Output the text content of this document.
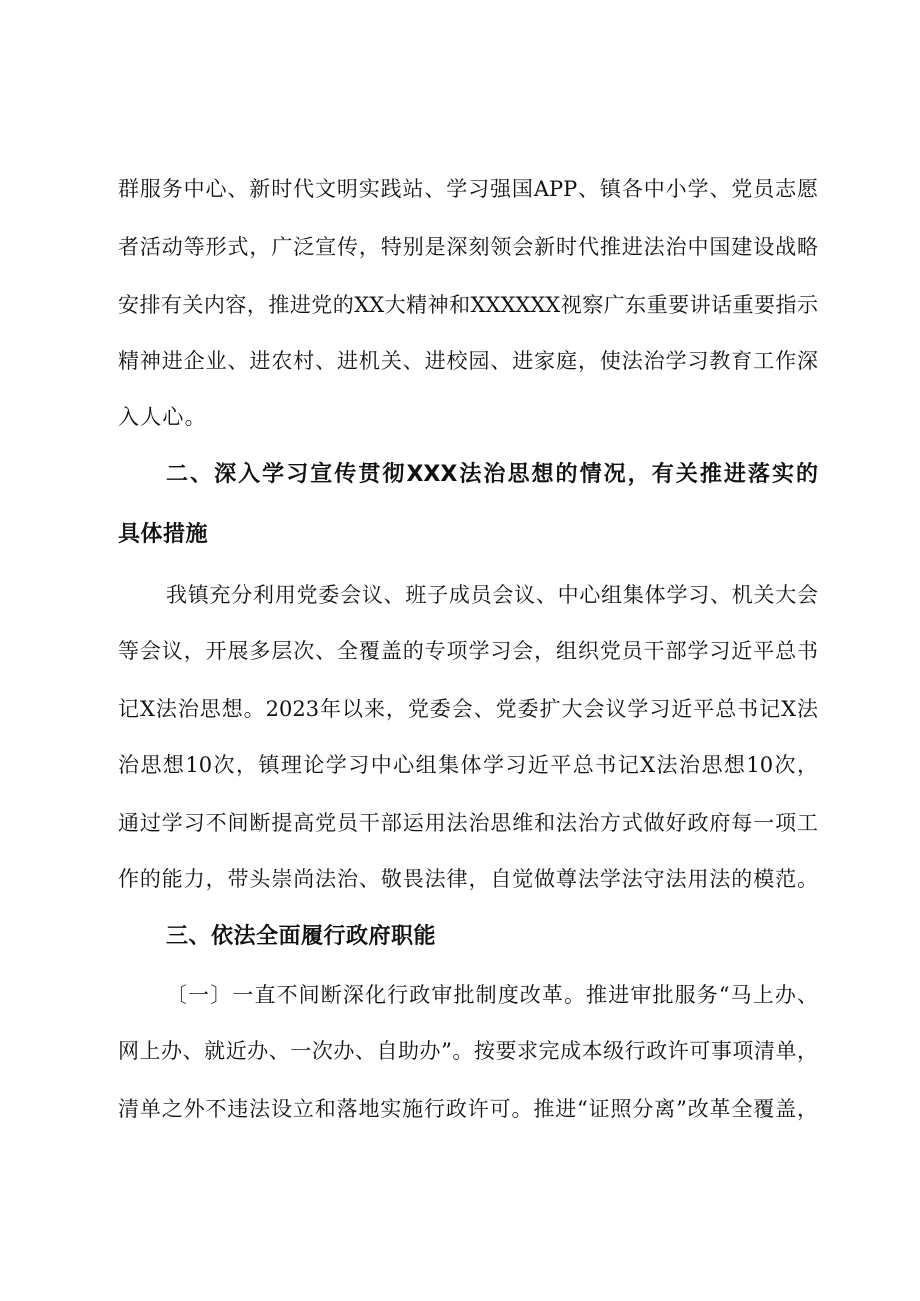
群服务中心、新时代文明实践站、学习强国APP、镇各中小学、党员志愿
者活动等形式，广泛宣传，特别是深刻领会新时代推进法治中国建设战略
安排有关内容，推进党的XX大精神和XXXXXX视察广东重要讲话重要指示
精神进企业、进农村、进机关、进校园、进家庭，使法治学习教育工作深
入人心。
二、深入学习宣传贯彻XXX法治思想的情况，有关推进落实的
具体措施
我镇充分利用党委会议、班子成员会议、中心组集体学习、机关大会
等会议，开展多层次、全覆盖的专项学习会，组织党员干部学习近平总书
记X法治思想。2023年以来，党委会、党委扩大会议学习近平总书记X法
治思想10次，镇理论学习中心组集体学习近平总书记X法治思想10次，
通过学习不间断提高党员干部运用法治思维和法治方式做好政府每一项工
作的能力，带头崇尚法治、敬畏法律，自觉做尊法学法守法用法的模范。
三、依法全面履行政府职能
〔一〕一直不间断深化行政审批制度改革。推进审批服务“马上办、
网上办、就近办、一次办、自助办”。按要求完成本级行政许可事项清单，
清单之外不违法设立和落地实施行政许可。推进“证照分离”改革全覆盖，
